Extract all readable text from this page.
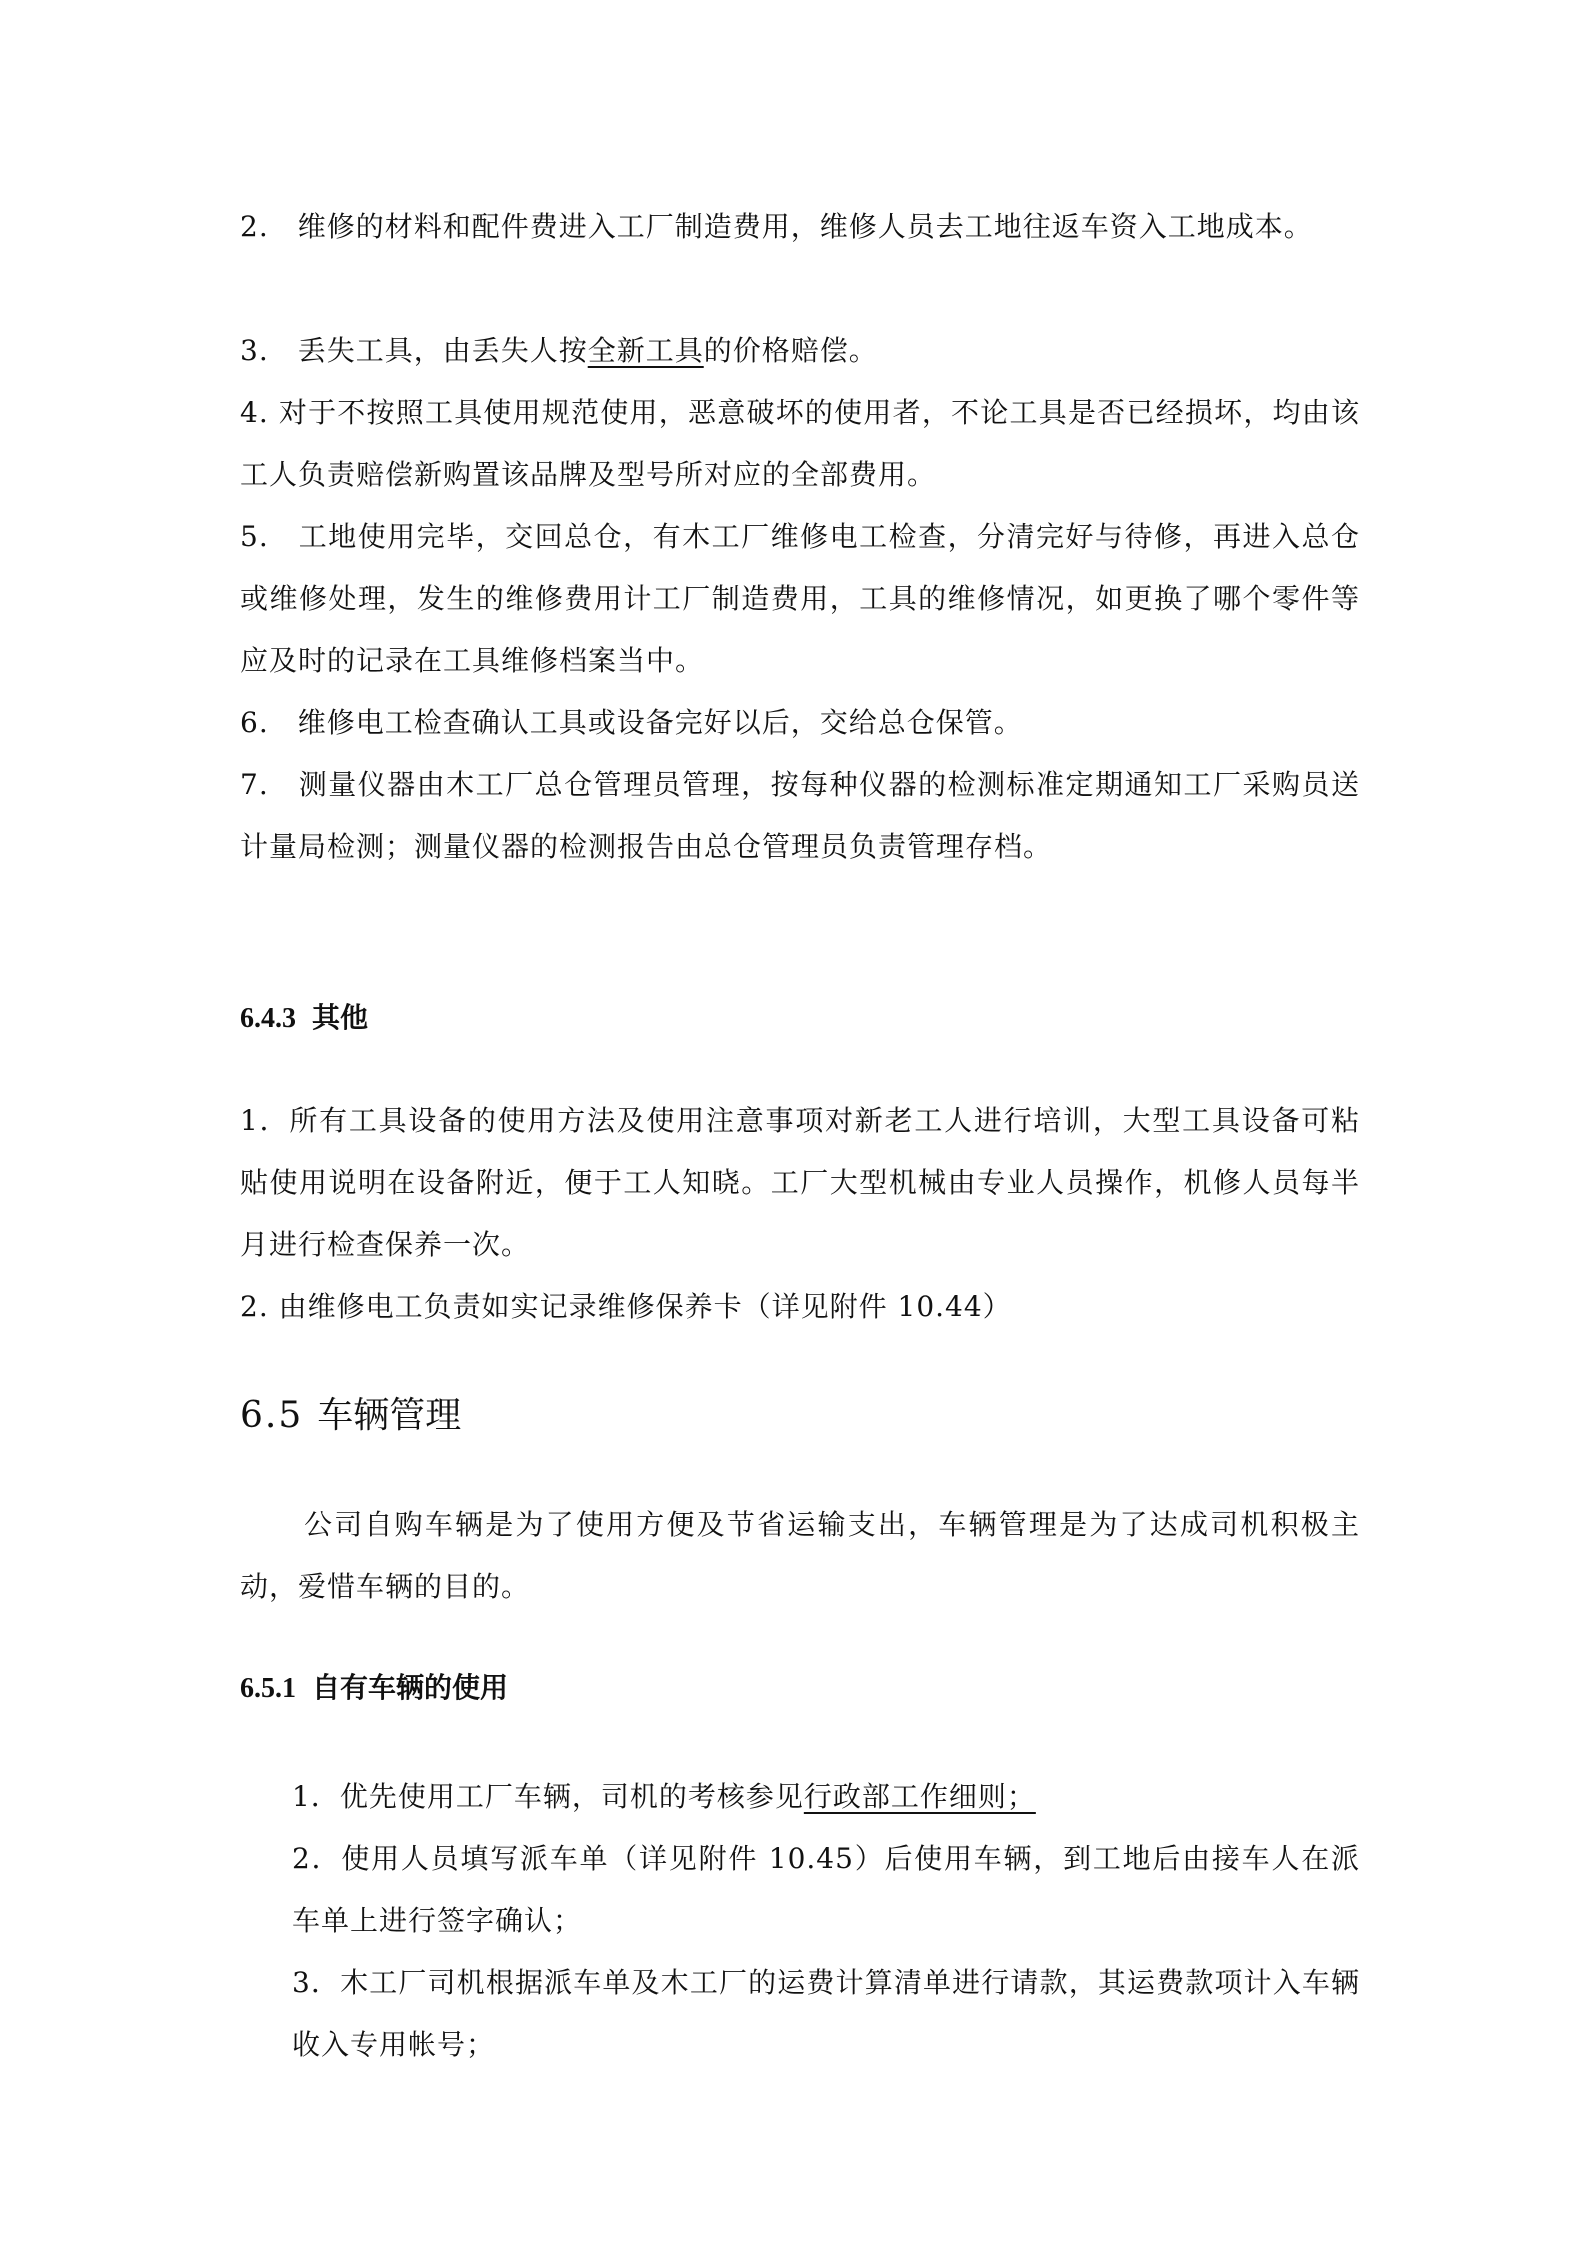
2.　维修的材料和配件费进入工厂制造费用，维修人员去工地往返车资入工地成本。
3.　丢失工具，由丢失人按全新工具的价格赔偿。
4. 对于不按照工具使用规范使用，恶意破坏的使用者，不论工具是否已经损坏，均由该工人负责赔偿新购置该品牌及型号所对应的全部费用。
5.　工地使用完毕，交回总仓，有木工厂维修电工检查，分清完好与待修，再进入总仓或维修处理，发生的维修费用计工厂制造费用，工具的维修情况，如更换了哪个零件等应及时的记录在工具维修档案当中。
6.　维修电工检查确认工具或设备完好以后，交给总仓保管。
7.　测量仪器由木工厂总仓管理员管理，按每种仪器的检测标准定期通知工厂采购员送计量局检测；测量仪器的检测报告由总仓管理员负责管理存档。
6.4.3 其他
1．所有工具设备的使用方法及使用注意事项对新老工人进行培训，大型工具设备可粘贴使用说明在设备附近，便于工人知晓。工厂大型机械由专业人员操作，机修人员每半月进行检查保养一次。
2. 由维修电工负责如实记录维修保养卡（详见附件 10.44）
6.5 车辆管理
公司自购车辆是为了使用方便及节省运输支出，车辆管理是为了达成司机积极主动，爱惜车辆的目的。
6.5.1 自有车辆的使用
1．优先使用工厂车辆，司机的考核参见行政部工作细则；
2．使用人员填写派车单（详见附件 10.45）后使用车辆，到工地后由接车人在派车单上进行签字确认；
3．木工厂司机根据派车单及木工厂的运费计算清单进行请款，其运费款项计入车辆收入专用帐号；
